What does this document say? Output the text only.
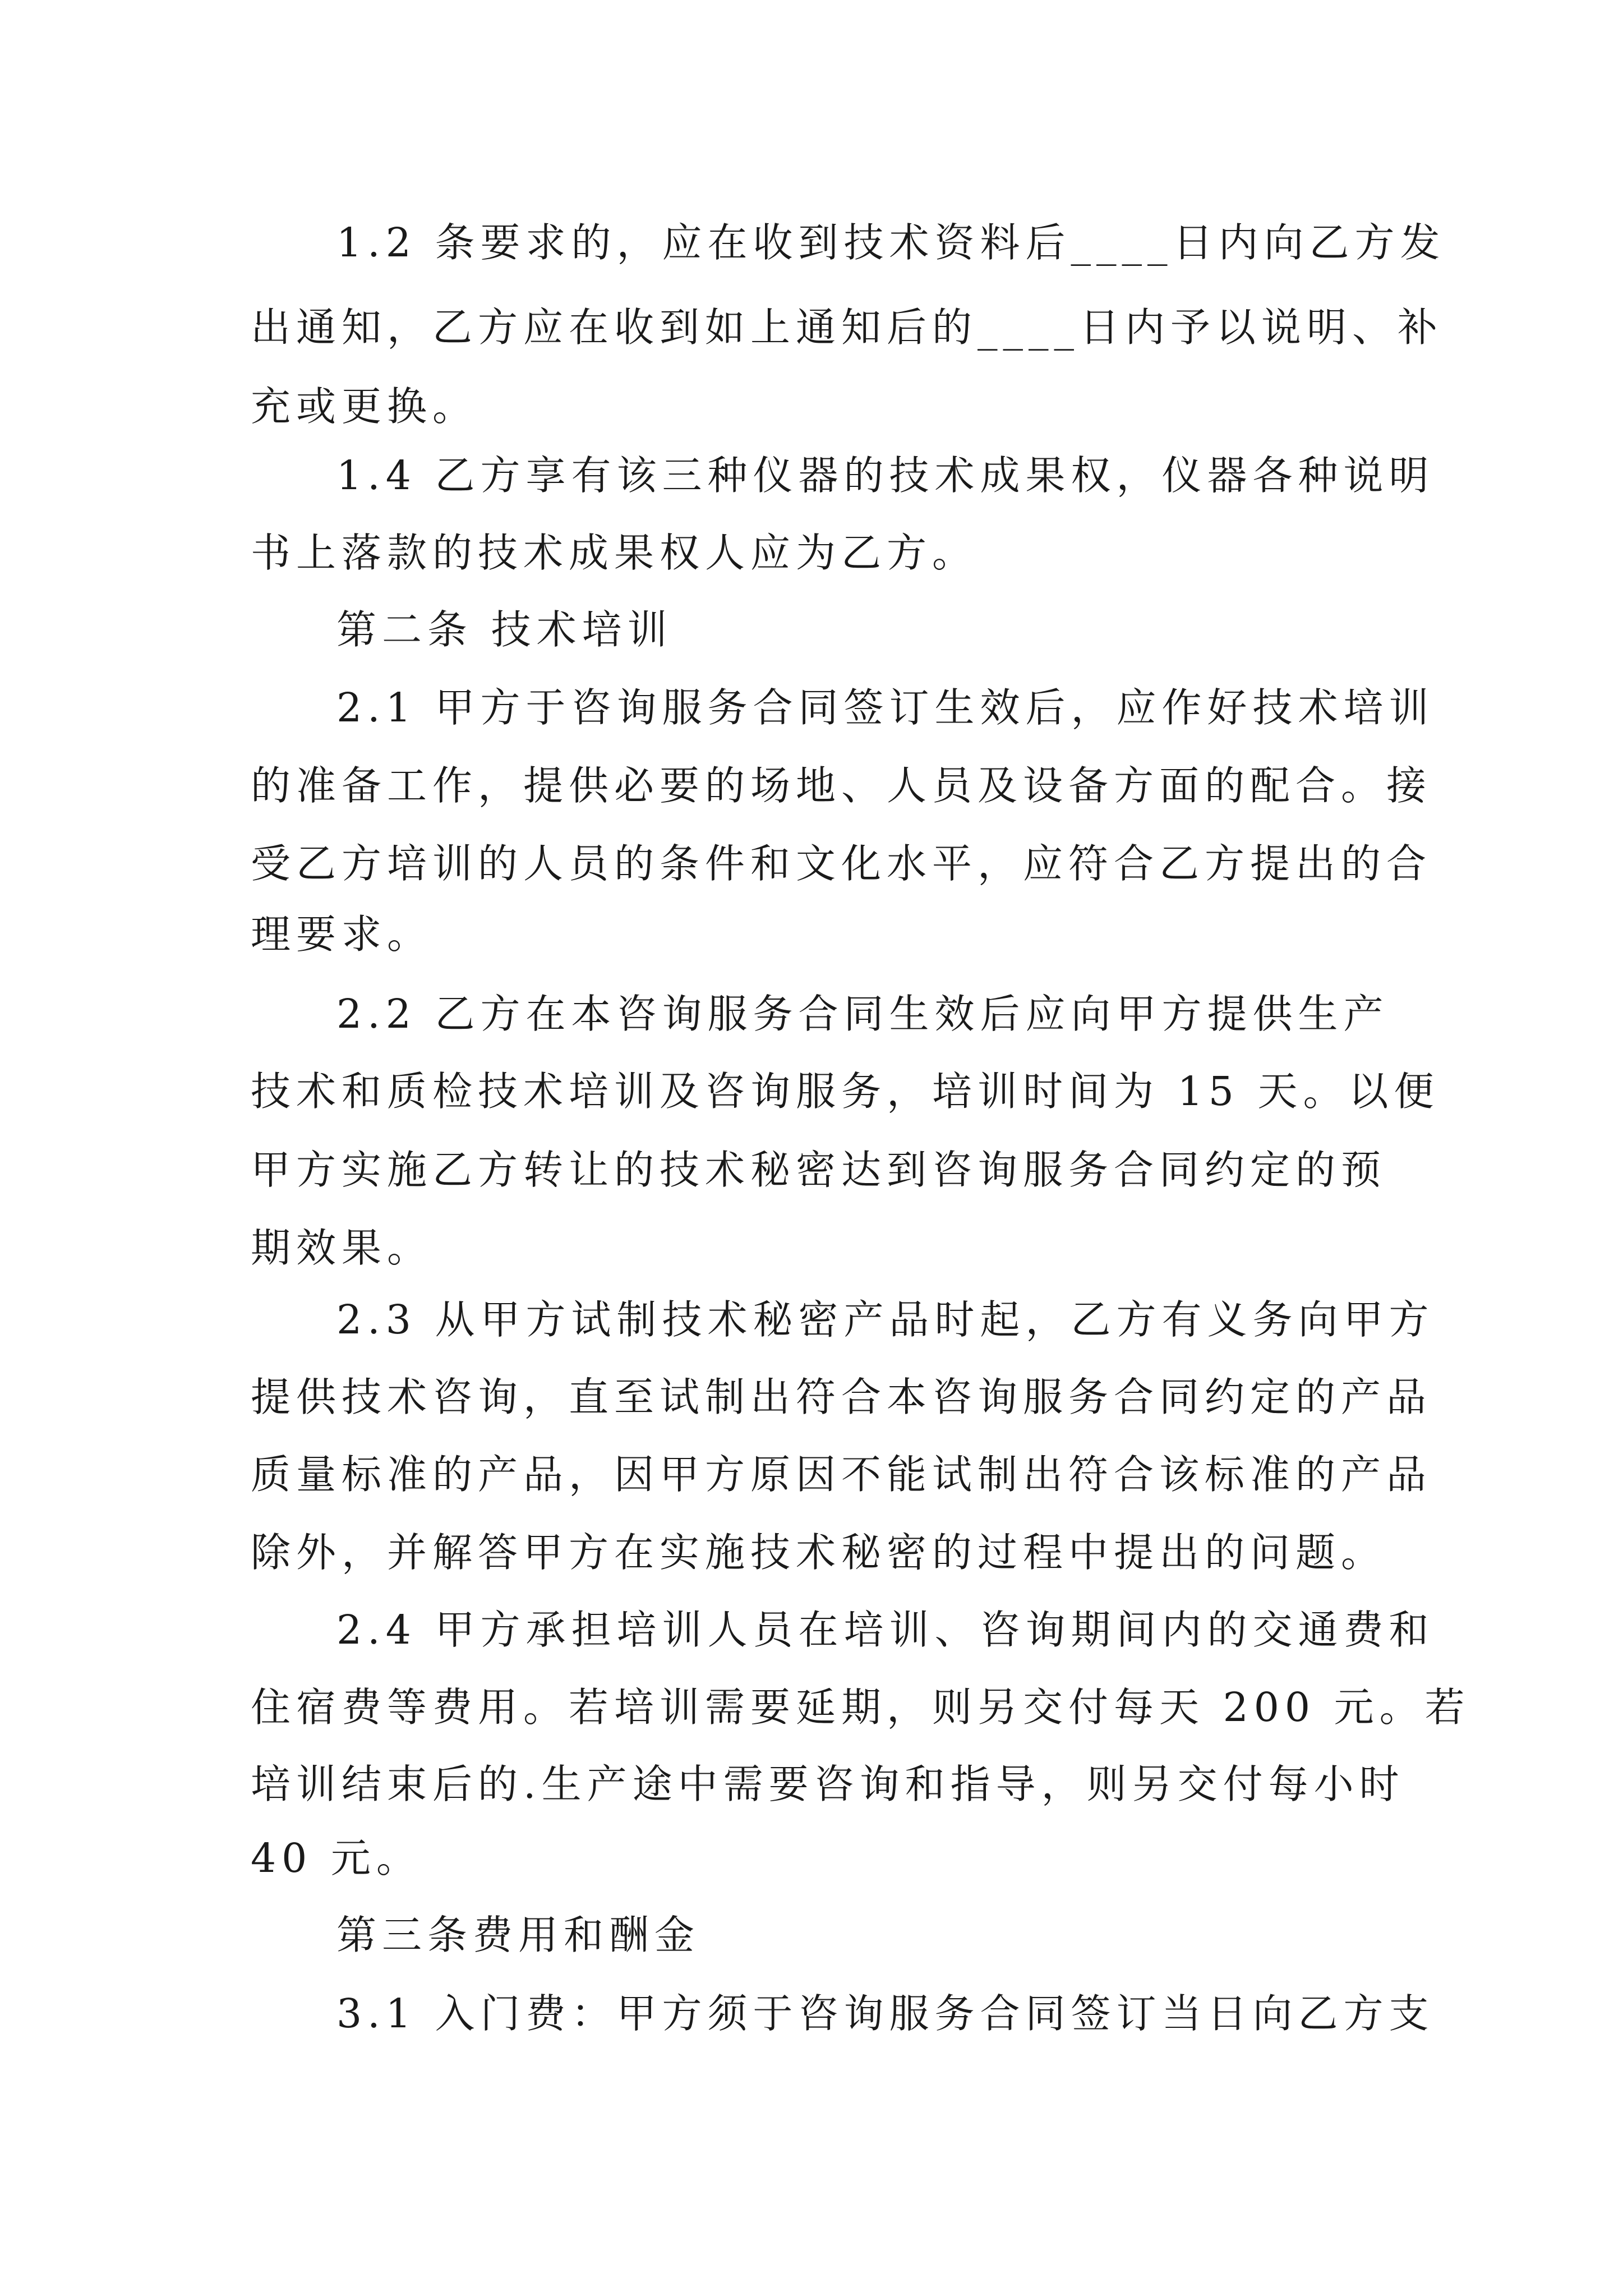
1.2 条要求的，应在收到技术资料后____日内向乙方发
出通知，乙方应在收到如上通知后的____日内予以说明、补
充或更换。
1.4 乙方享有该三种仪器的技术成果权，仪器各种说明
书上落款的技术成果权人应为乙方。
第二条 技术培训
2.1 甲方于咨询服务合同签订生效后，应作好技术培训
的准备工作，提供必要的场地、人员及设备方面的配合。接
受乙方培训的人员的条件和文化水平，应符合乙方提出的合
理要求。
2.2 乙方在本咨询服务合同生效后应向甲方提供生产
技术和质检技术培训及咨询服务，培训时间为 15 天。以便
甲方实施乙方转让的技术秘密达到咨询服务合同约定的预
期效果。
2.3 从甲方试制技术秘密产品时起，乙方有义务向甲方
提供技术咨询，直至试制出符合本咨询服务合同约定的产品
质量标准的产品，因甲方原因不能试制出符合该标准的产品
除外，并解答甲方在实施技术秘密的过程中提出的问题。
2.4 甲方承担培训人员在培训、咨询期间内的交通费和
住宿费等费用。若培训需要延期，则另交付每天 200 元。若
培训结束后的.生产途中需要咨询和指导，则另交付每小时
40 元。
第三条费用和酬金
3.1 入门费：甲方须于咨询服务合同签订当日向乙方支
